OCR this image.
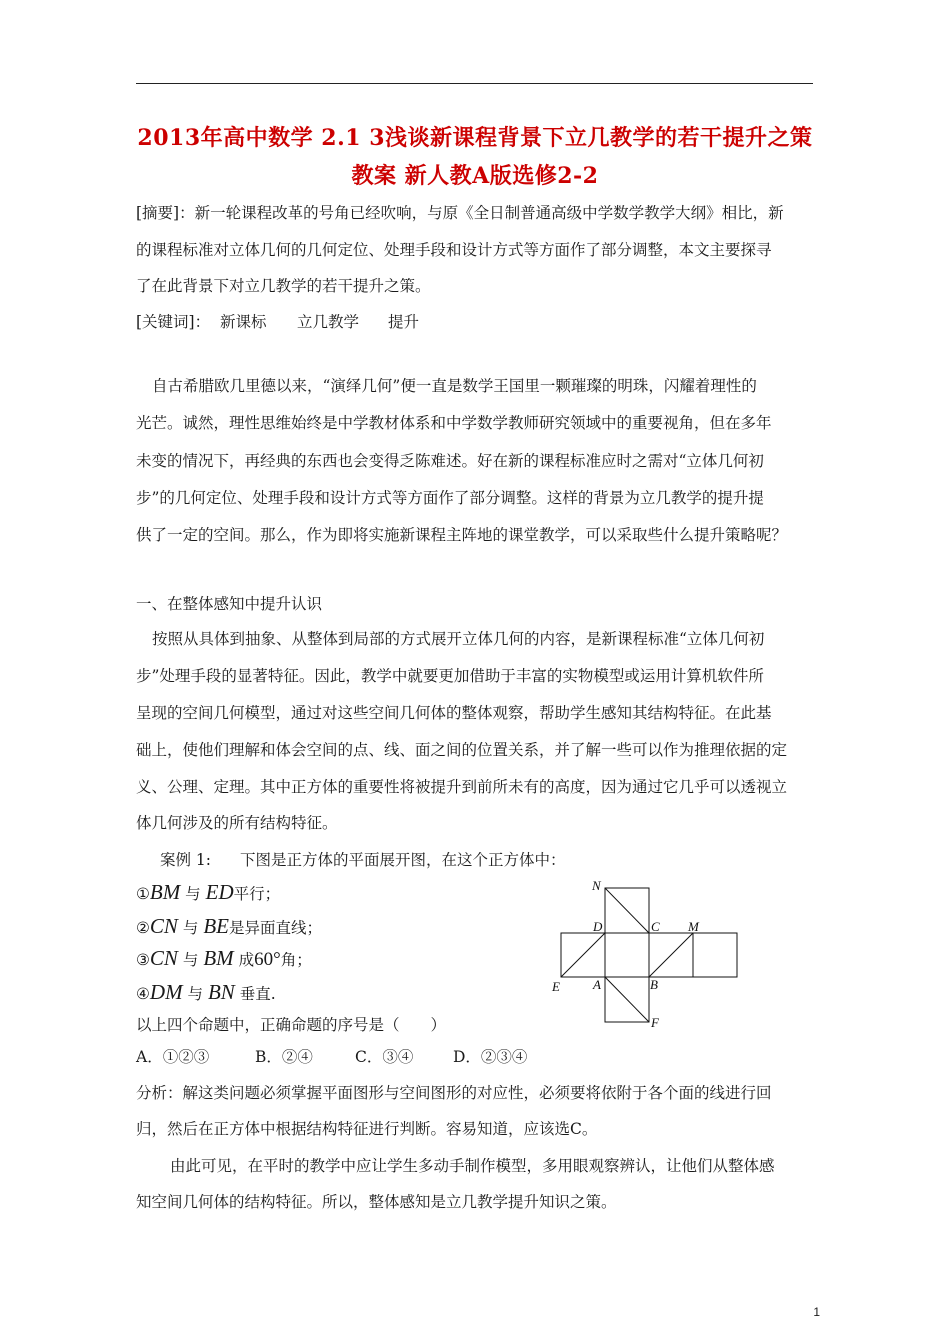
2013年高中数学 2.1 3浅谈新课程背景下立几教学的若干提升之策
教案 新人教A版选修2-2
[摘要]：新一轮课程改革的号角已经吹响，与原《全日制普通高级中学数学教学大纲》相比，新
的课程标准对立体几何的几何定位、处理手段和设计方式等方面作了部分调整，本文主要探寻
了在此背景下对立几教学的若干提升之策。
[关键词]： 新课标 立几教学 提升
自古希腊欧几里德以来，“演绎几何”便一直是数学王国里一颗璀璨的明珠，闪耀着理性的
光芒。诚然，理性思维始终是中学教材体系和中学数学教师研究领域中的重要视角，但在多年
未变的情况下，再经典的东西也会变得乏陈难述。好在新的课程标准应时之需对“立体几何初
步”的几何定位、处理手段和设计方式等方面作了部分调整。这样的背景为立几教学的提升提
供了一定的空间。那么，作为即将实施新课程主阵地的课堂教学，可以采取些什么提升策略呢？
一、在整体感知中提升认识
按照从具体到抽象、从整体到局部的方式展开立体几何的内容，是新课程标准“立体几何初
步”处理手段的显著特征。因此，教学中就要更加借助于丰富的实物模型或运用计算机软件所
呈现的空间几何模型，通过对这些空间几何体的整体观察，帮助学生感知其结构特征。在此基
础上，使他们理解和体会空间的点、线、面之间的位置关系，并了解一些可以作为推理依据的定
义、公理、定理。其中正方体的重要性将被提升到前所未有的高度，因为通过它几乎可以透视立
体几何涉及的所有结构特征。
案例 1: 下图是正方体的平面展开图，在这个正方体中：
①BM 与 ED平行；
②CN 与 BE是异面直线；
③CN 与 BM 成60°角；
④DM 与 BN 垂直.
以上四个命题中，正确命题的序号是（　　）
A．①②③	B．②④	C．③④	D．②③④
N
D	C M
E	A	B
F
分析：解这类问题必须掌握平面图形与空间图形的对应性，必须要将依附于各个面的线进行回
归，然后在正方体中根据结构特征进行判断。容易知道，应该选C。
由此可见，在平时的教学中应让学生多动手制作模型，多用眼观察辨认，让他们从整体感
知空间几何体的结构特征。所以，整体感知是立几教学提升知识之策。
1
